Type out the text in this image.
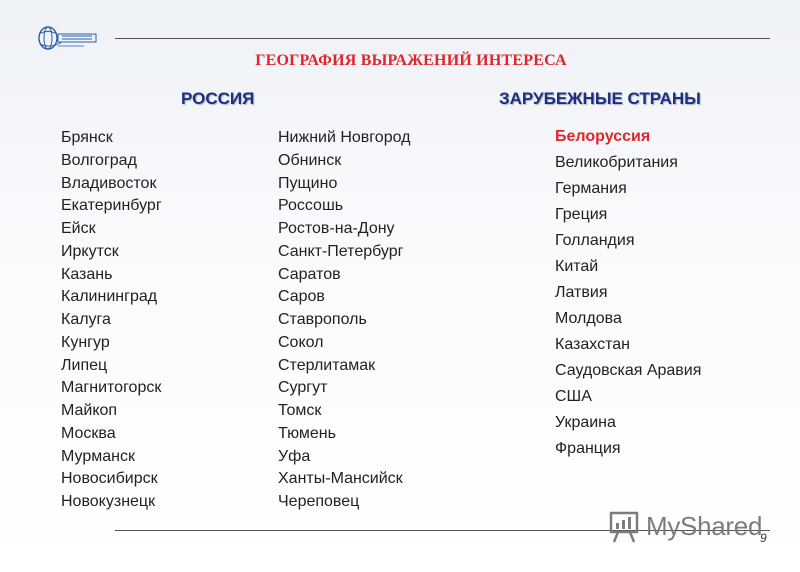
ГЕОГРАФИЯ ВЫРАЖЕНИЙ ИНТЕРЕСА
РОССИЯ	ЗАРУБЕЖНЫЕ СТРАНЫ
Брянск
Волгоград
Владивосток
Екатеринбург
Ейск
Иркутск
Казань
Калининград
Калуга
Кунгур
Липец
Магнитогорск
Майкоп
Москва
Мурманск
Новосибирск
Новокузнецк
Нижний Новгород
Обнинск
Пущино
Россошь
Ростов-на-Дону
Санкт-Петербург
Саратов
Саров
Ставрополь
Сокол
Стерлитамак
Сургут
Томск
Тюмень
Уфа
Ханты-Мансийск
Череповец
Белоруссия
Великобритания
Германия
Греция
Голландия
Китай
Латвия
Молдова
Казахстан
Саудовская Аравия
США
Украина
Франция
MyShared
9
